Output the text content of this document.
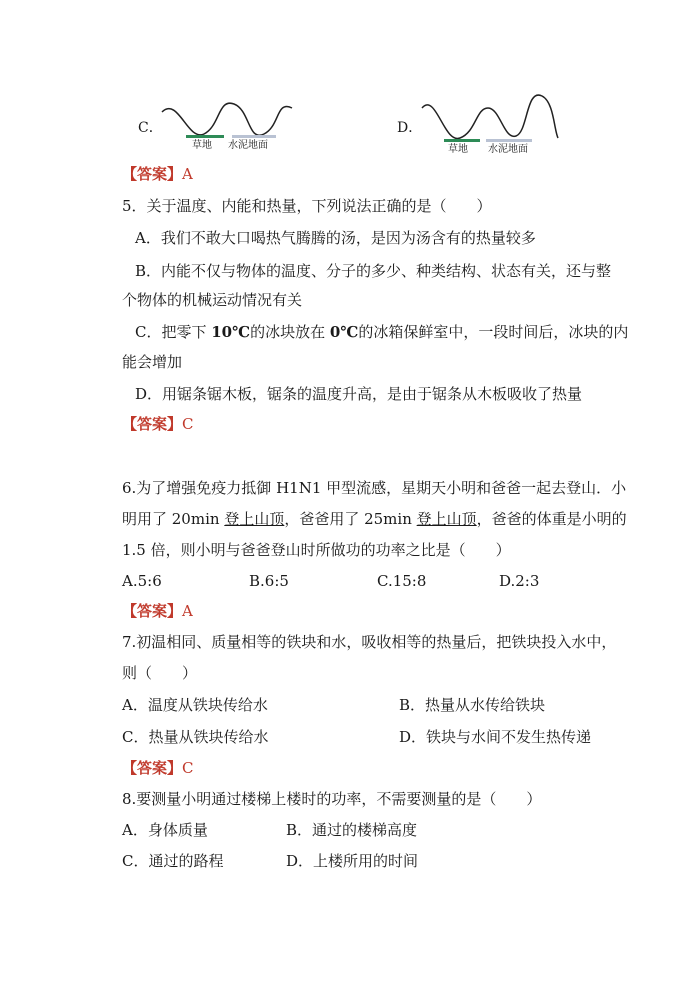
C．
草地 水泥地面
D．
草地 水泥地面
【答案】A
5．关于温度、内能和热量，下列说法正确的是（　　）
A．我们不敢大口喝热气腾腾的汤，是因为汤含有的热量较多
B．内能不仅与物体的温度、分子的多少、种类结构、状态有关，还与整
个物体的机械运动情况有关
C．把零下 10℃的冰块放在 0℃的冰箱保鲜室中，一段时间后，冰块的内
能会增加
D．用锯条锯木板，锯条的温度升高，是由于锯条从木板吸收了热量
【答案】C
6.为了增强免疫力抵御 H1N1 甲型流感，星期天小明和爸爸一起去登山．小
明用了 20min 登上山顶，爸爸用了 25min 登上山顶，爸爸的体重是小明的
1.5 倍，则小明与爸爸登山时所做功的功率之比是（　　）
A.5:6	B.6:5	C.15:8	D.2:3
【答案】A
7.初温相同、质量相等的铁块和水，吸收相等的热量后，把铁块投入水中，
则（　　）
A．温度从铁块传给水	B．热量从水传给铁块
C．热量从铁块传给水	D．铁块与水间不发生热传递
【答案】C
8.要测量小明通过楼梯上楼时的功率，不需要测量的是（　　）
A．身体质量	B．通过的楼梯高度
C．通过的路程	D．上楼所用的时间
